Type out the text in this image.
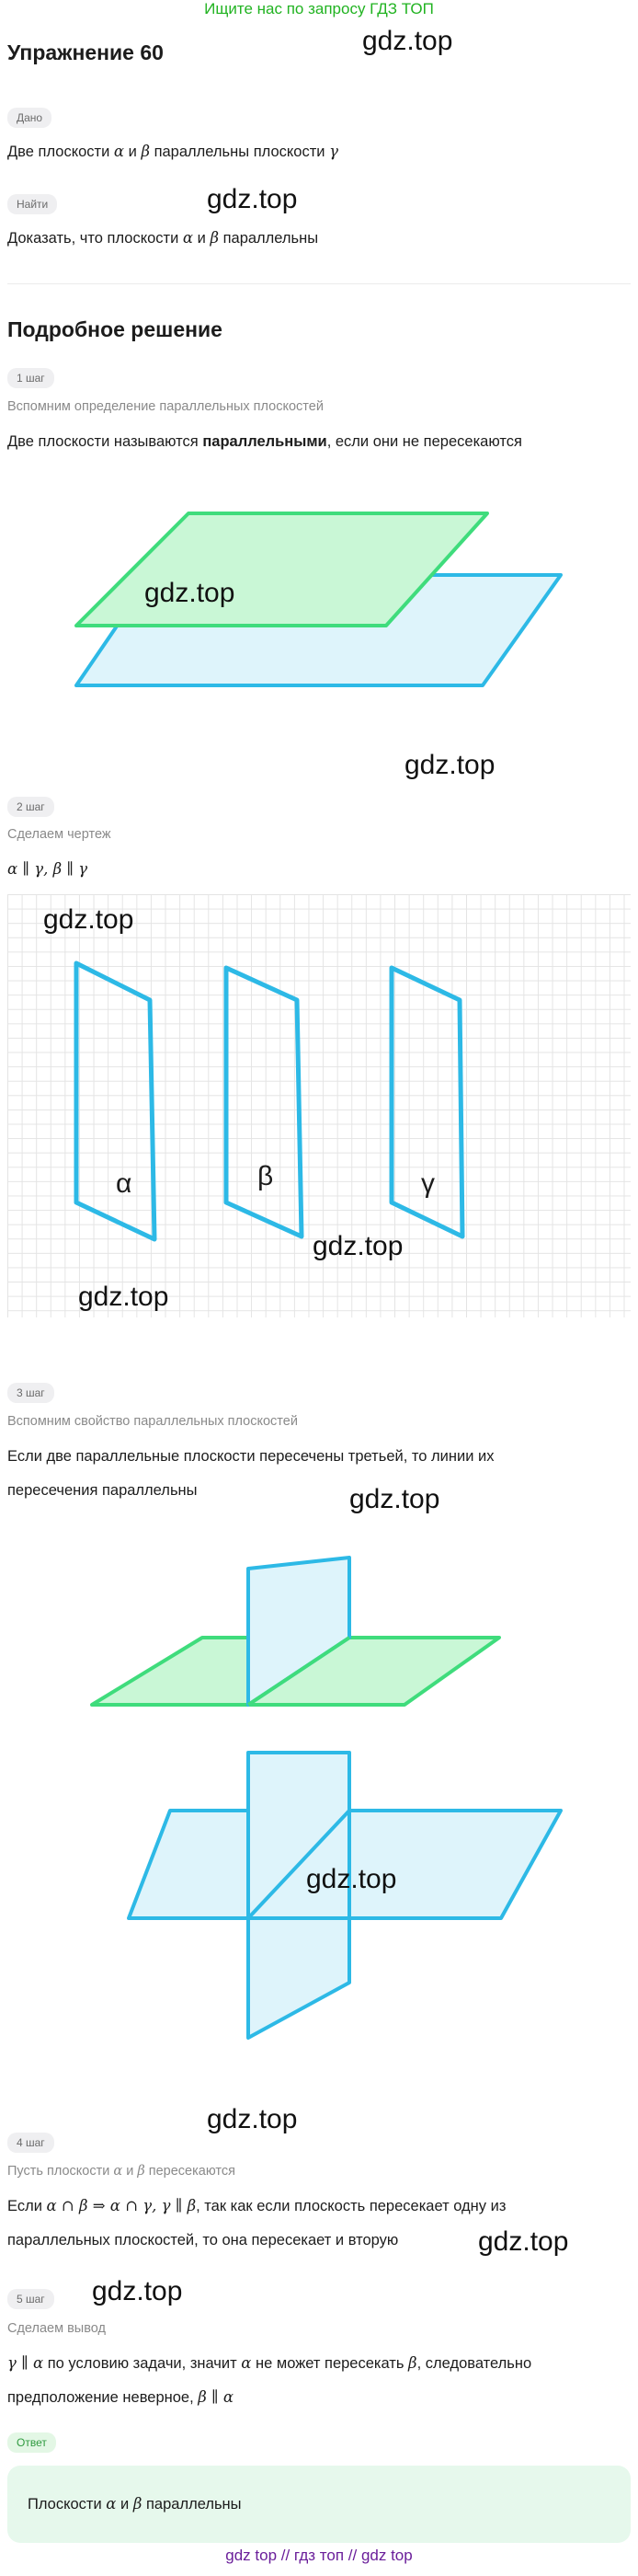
Ищите нас по запросу ГДЗ ТОП
Упражнение 60	gdz.top
Дано
Две плоскости α и β параллельны плоскости γ
Найти	gdz.top
Доказать, что плоскости α и β параллельны
Подробное решение
1 шаг
Вспомним определение параллельных плоскостей
Две плоскости называются параллельными, если они не пересекаются
gdz.top
gdz.top
2 шаг
Сделаем чертеж
α ∥ γ, β ∥ γ
α	β	γ
gdz.top
gdz.top
gdz.top
3 шаг
Вспомним свойство параллельных плоскостей
Если две параллельные плоскости пересечены третьей, то линии их
пересечения параллельны	gdz.top
gdz.top
gdz.top
4 шаг
Пусть плоскости α и β пересекаются
Если α ∩ β ⇒ α ∩ γ, γ ∥ β, так как если плоскость пересекает одну из
параллельных плоскостей, то она пересекает и вторую	gdz.top
gdz.top
5 шаг
Сделаем вывод
γ ∥ α по условию задачи, значит α не может пересекать β, следовательно
предположение неверное, β ∥ α
Ответ
Плоскости α и β параллельны
gdz top // гдз топ // gdz top
